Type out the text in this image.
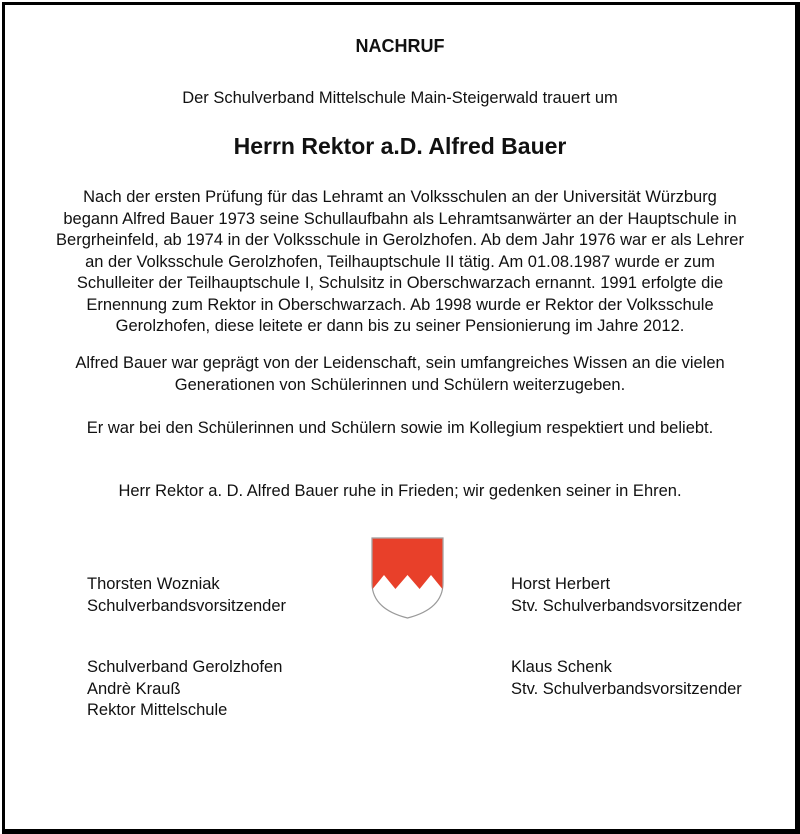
NACHRUF
Der Schulverband Mittelschule Main-Steigerwald trauert um
Herrn Rektor a.D. Alfred Bauer
Nach der ersten Prüfung für das Lehramt an Volksschulen an der Universität Würzburg
begann Alfred Bauer 1973 seine Schullaufbahn als Lehramtsanwärter an der Hauptschule in
Bergrheinfeld, ab 1974 in der Volksschule in Gerolzhofen. Ab dem Jahr 1976 war er als Lehrer
an der Volksschule Gerolzhofen, Teilhauptschule II tätig. Am 01.08.1987 wurde er zum
Schulleiter der Teilhauptschule I, Schulsitz in Oberschwarzach ernannt. 1991 erfolgte die
Ernennung zum Rektor in Oberschwarzach. Ab 1998 wurde er Rektor der Volksschule
Gerolzhofen, diese leitete er dann bis zu seiner Pensionierung im Jahre 2012.
Alfred Bauer war geprägt von der Leidenschaft, sein umfangreiches Wissen an die vielen
Generationen von Schülerinnen und Schülern weiterzugeben.
Er war bei den Schülerinnen und Schülern sowie im Kollegium respektiert und beliebt.
Herr Rektor a. D. Alfred Bauer ruhe in Frieden; wir gedenken seiner in Ehren.
Thorsten Wozniak
Schulverbandsvorsitzender
Horst Herbert
Stv. Schulverbandsvorsitzender
Schulverband Gerolzhofen
Andrè Krauß
Rektor Mittelschule
Klaus Schenk
Stv. Schulverbandsvorsitzender
